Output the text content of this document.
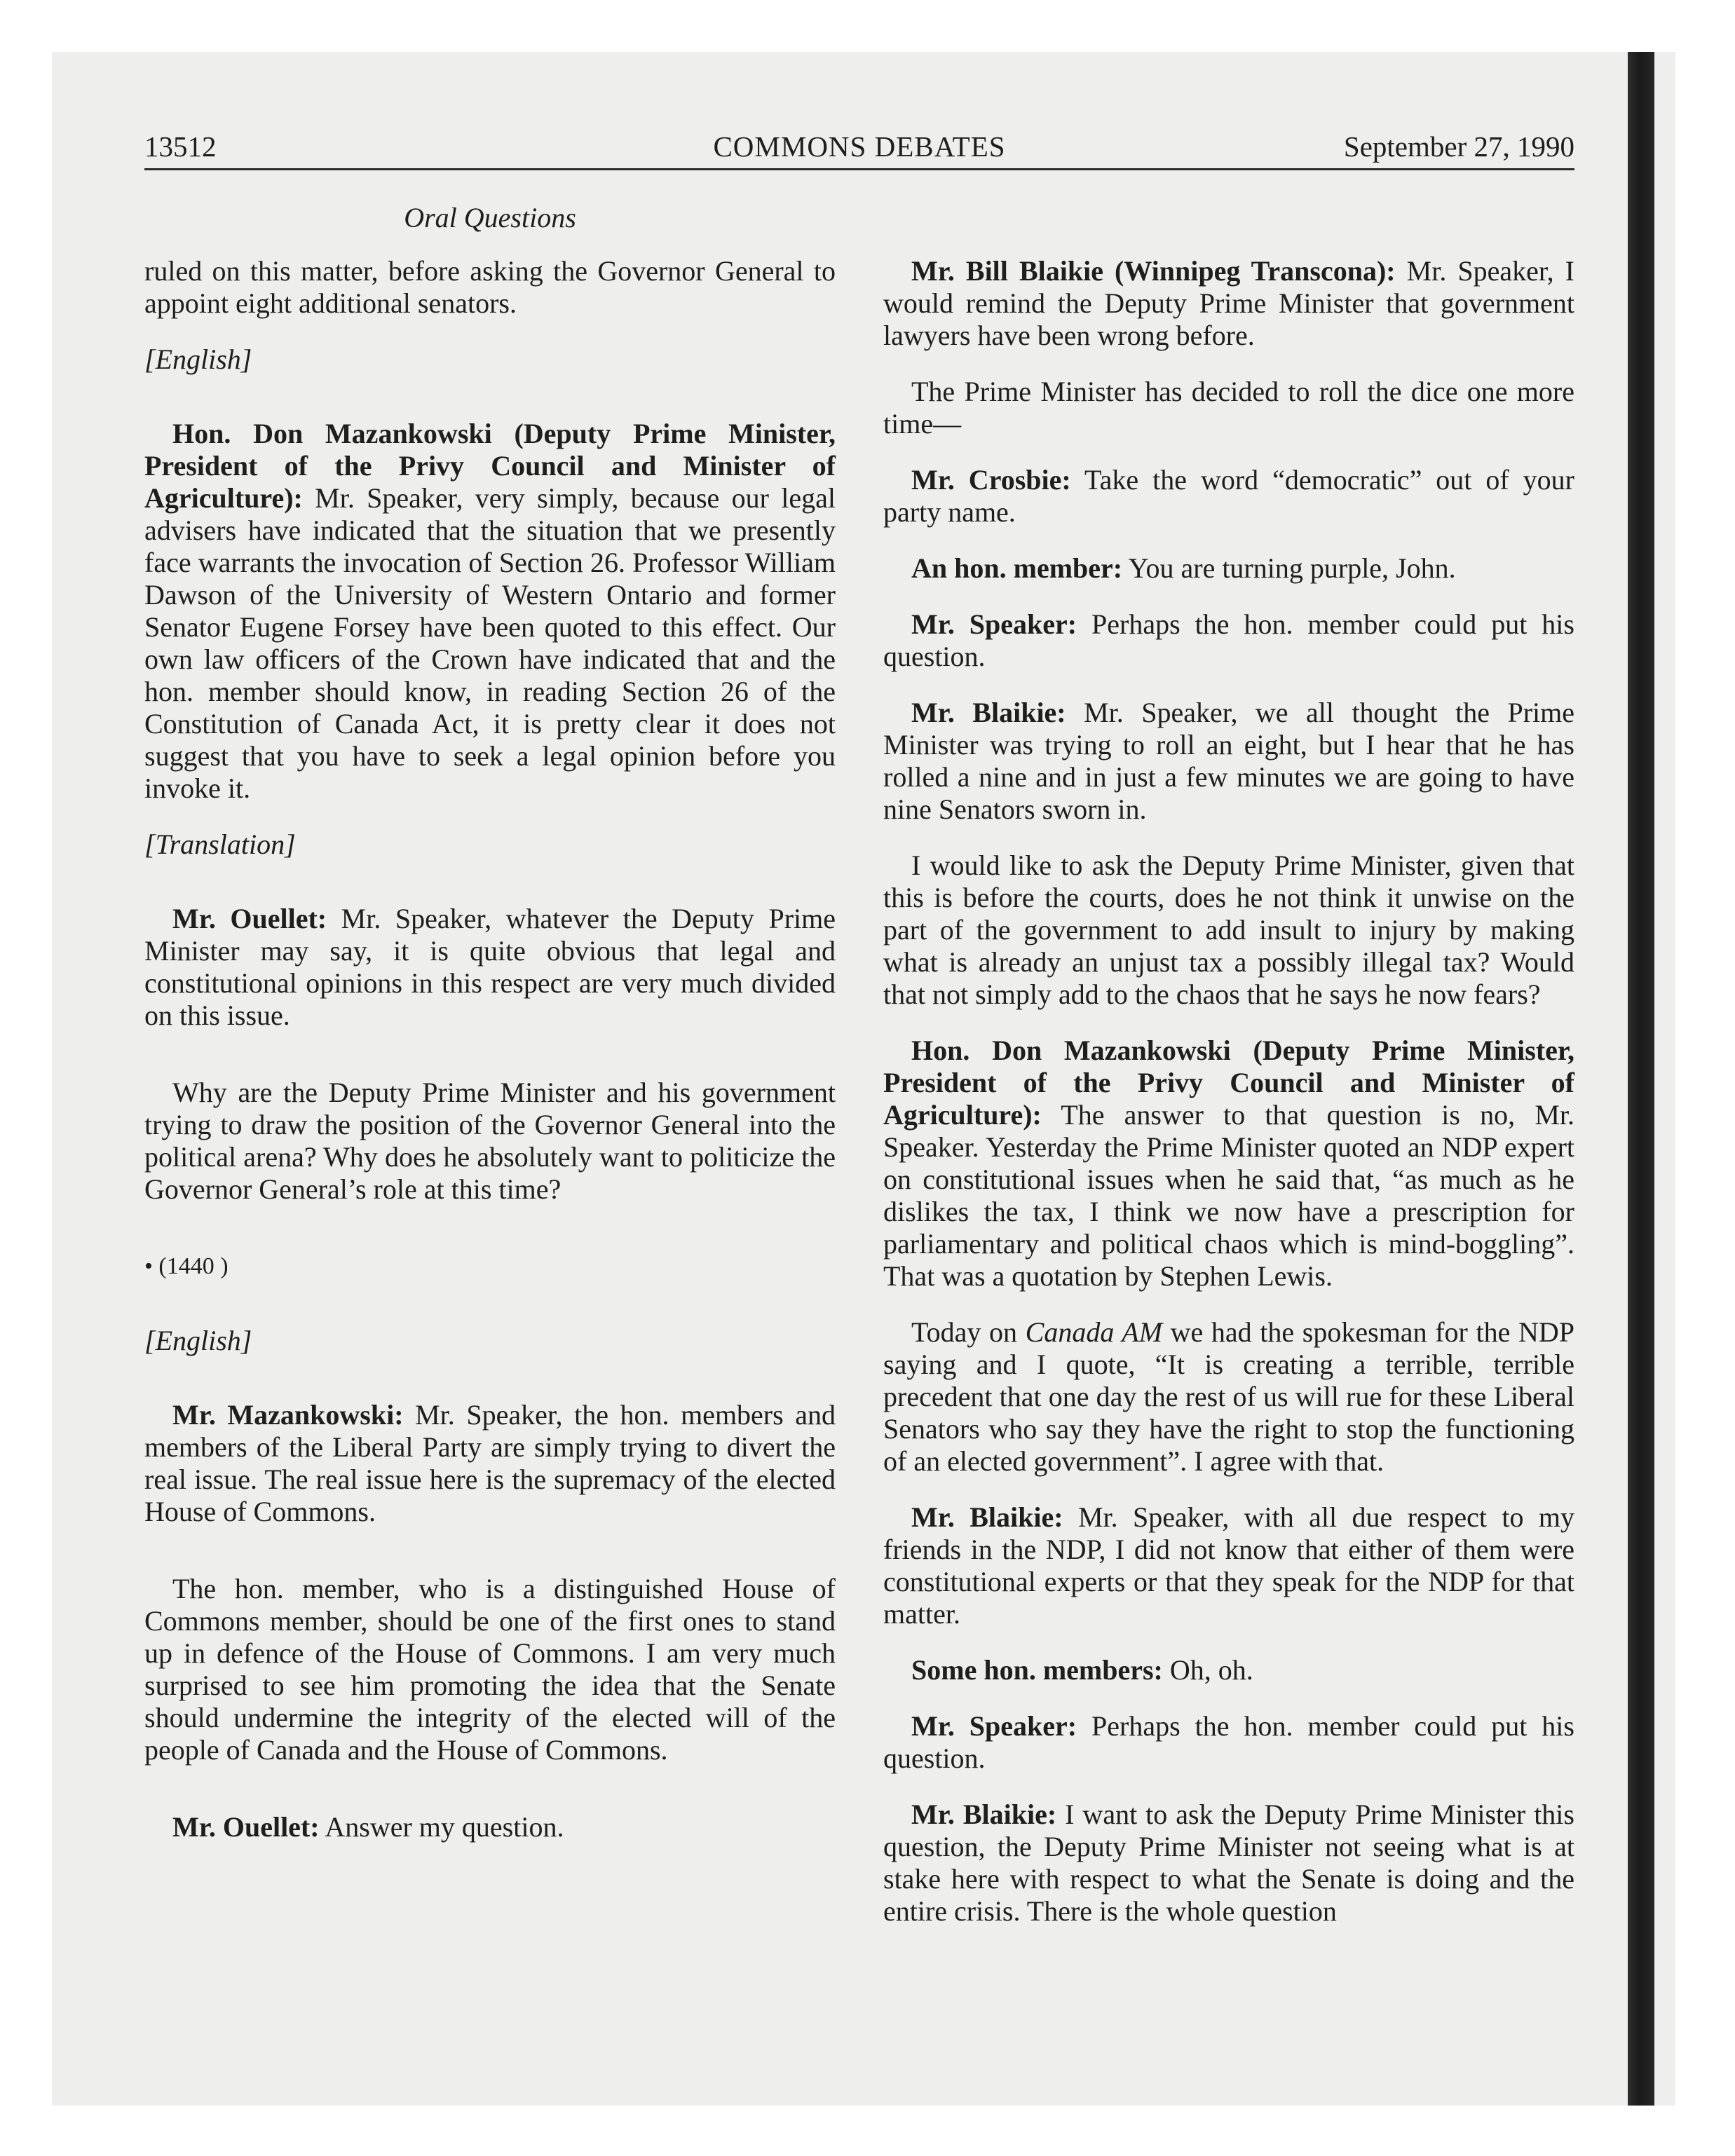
13512	COMMONS DEBATES	September 27, 1990
Oral Questions

ruled on this matter, before asking the Governor General to appoint eight additional senators.

[English]

Hon. Don Mazankowski (Deputy Prime Minister, President of the Privy Council and Minister of Agriculture): Mr. Speaker, very simply, because our legal advisers have indicated that the situation that we presently face warrants the invocation of Section 26. Professor William Dawson of the University of Western Ontario and former Senator Eugene Forsey have been quoted to this effect. Our own law officers of the Crown have indicated that and the hon. member should know, in reading Section 26 of the Constitution of Canada Act, it is pretty clear it does not suggest that you have to seek a legal opinion before you invoke it.

[Translation]

Mr. Ouellet: Mr. Speaker, whatever the Deputy Prime Minister may say, it is quite obvious that legal and constitutional opinions in this respect are very much divided on this issue.

Why are the Deputy Prime Minister and his government trying to draw the position of the Governor General into the political arena? Why does he absolutely want to politicize the Governor General’s role at this time?

• (1440 )

[English]

Mr. Mazankowski: Mr. Speaker, the hon. members and members of the Liberal Party are simply trying to divert the real issue. The real issue here is the supremacy of the elected House of Commons.

The hon. member, who is a distinguished House of Commons member, should be one of the first ones to stand up in defence of the House of Commons. I am very much surprised to see him promoting the idea that the Senate should undermine the integrity of the elected will of the people of Canada and the House of Commons.

Mr. Ouellet: Answer my question.

Mr. Bill Blaikie (Winnipeg Transcona): Mr. Speaker, I would remind the Deputy Prime Minister that government lawyers have been wrong before.

The Prime Minister has decided to roll the dice one more time—

Mr. Crosbie: Take the word “democratic” out of your party name.

An hon. member: You are turning purple, John.

Mr. Speaker: Perhaps the hon. member could put his question.

Mr. Blaikie: Mr. Speaker, we all thought the Prime Minister was trying to roll an eight, but I hear that he has rolled a nine and in just a few minutes we are going to have nine Senators sworn in.

I would like to ask the Deputy Prime Minister, given that this is before the courts, does he not think it unwise on the part of the government to add insult to injury by making what is already an unjust tax a possibly illegal tax? Would that not simply add to the chaos that he says he now fears?

Hon. Don Mazankowski (Deputy Prime Minister, President of the Privy Council and Minister of Agriculture): The answer to that question is no, Mr. Speaker. Yesterday the Prime Minister quoted an NDP expert on constitutional issues when he said that, “as much as he dislikes the tax, I think we now have a prescription for parliamentary and political chaos which is mind-boggling”. That was a quotation by Stephen Lewis.

Today on Canada AM we had the spokesman for the NDP saying and I quote, “It is creating a terrible, terrible precedent that one day the rest of us will rue for these Liberal Senators who say they have the right to stop the functioning of an elected government”. I agree with that.

Mr. Blaikie: Mr. Speaker, with all due respect to my friends in the NDP, I did not know that either of them were constitutional experts or that they speak for the NDP for that matter.

Some hon. members: Oh, oh.

Mr. Speaker: Perhaps the hon. member could put his question.

Mr. Blaikie: I want to ask the Deputy Prime Minister this question, the Deputy Prime Minister not seeing what is at stake here with respect to what the Senate is doing and the entire crisis. There is the whole question
